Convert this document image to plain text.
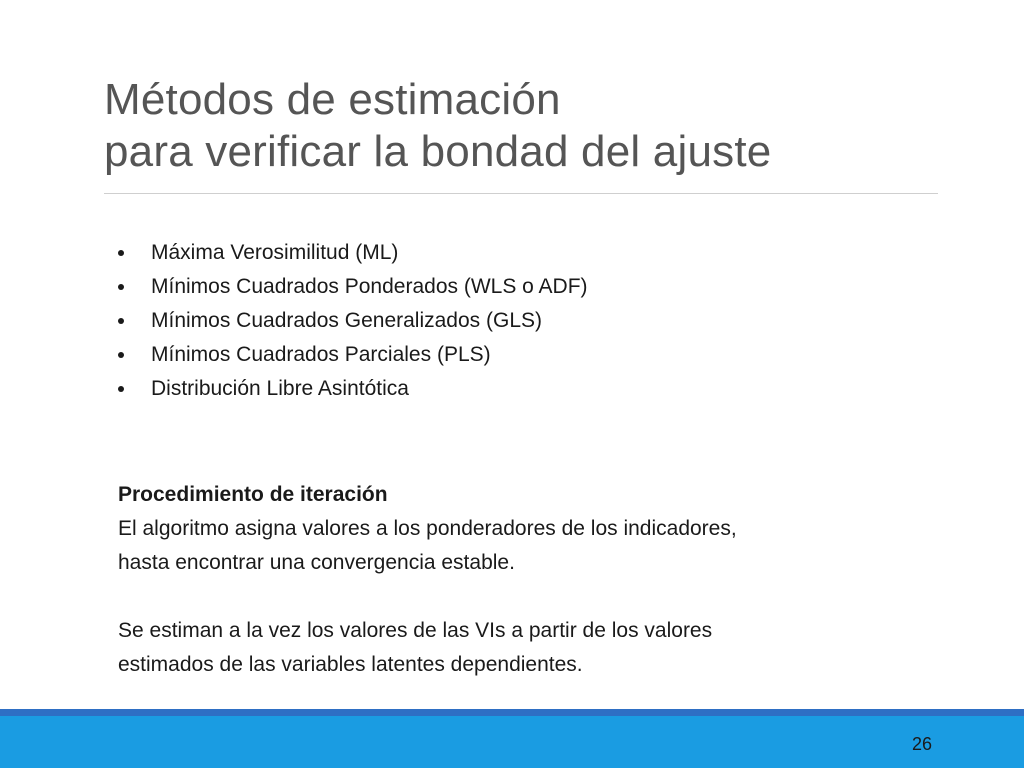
Métodos de estimación
para verificar la bondad del ajuste
Máxima Verosimilitud (ML)
Mínimos Cuadrados Ponderados (WLS o ADF)
Mínimos Cuadrados Generalizados (GLS)
Mínimos Cuadrados Parciales (PLS)
Distribución Libre Asintótica
Procedimiento de iteración
El algoritmo asigna valores a los ponderadores de los indicadores,
hasta encontrar una convergencia estable.
Se estiman a la vez los valores de las VIs a partir de los valores
estimados de las variables latentes dependientes.
26
